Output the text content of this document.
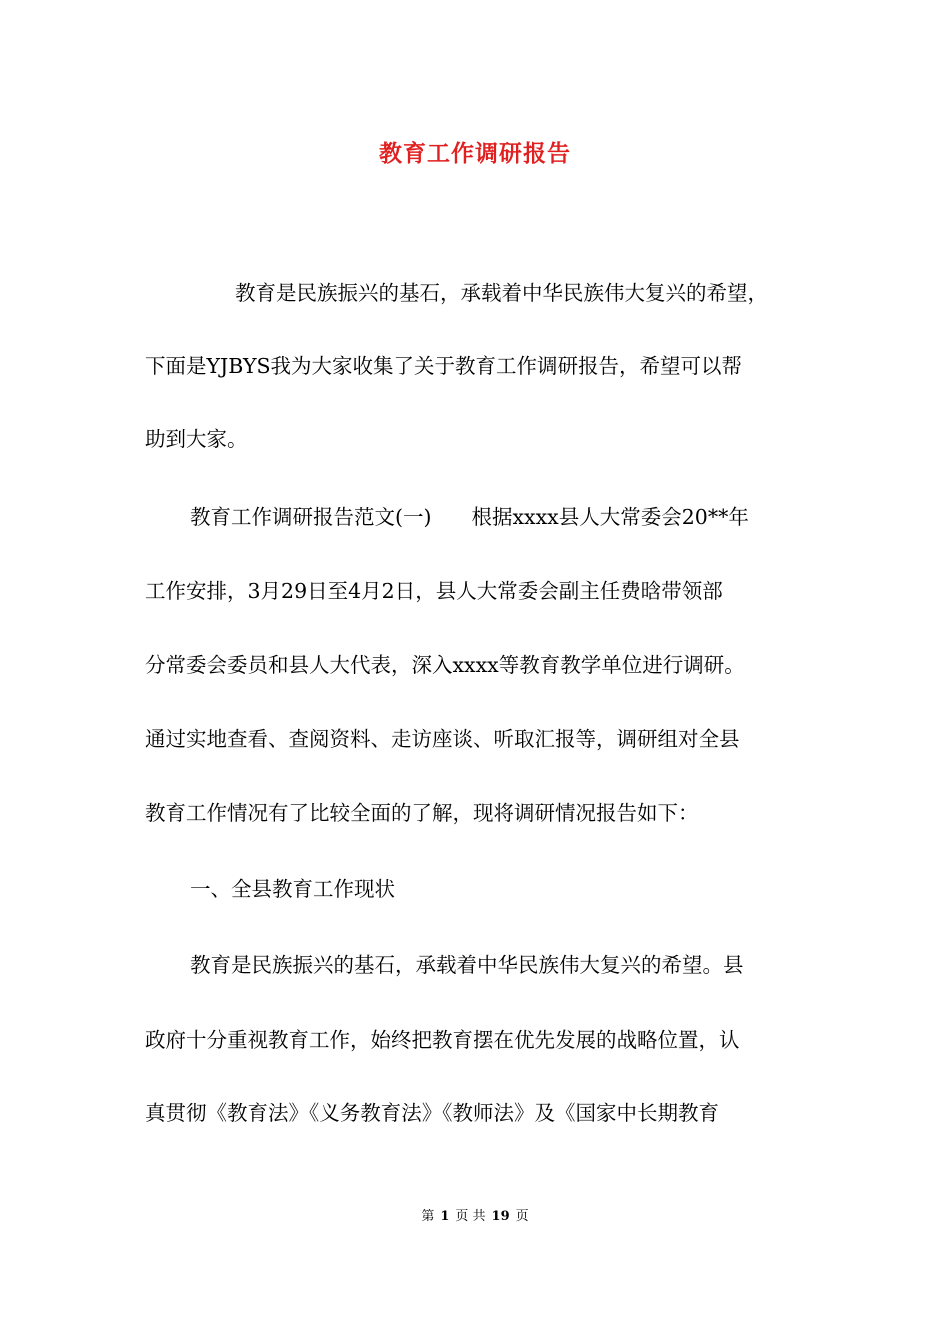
教育工作调研报告
教育是民族振兴的基石，承载着中华民族伟大复兴的希望，
下面是YJBYS我为大家收集了关于教育工作调研报告，希望可以帮
助到大家。
教育工作调研报告范文(一) 根据xxxx县人大常委会20**年
工作安排，3月29日至4月2日，县人大常委会副主任费晗带领部
分常委会委员和县人大代表，深入xxxx等教育教学单位进行调研。
通过实地查看、查阅资料、走访座谈、听取汇报等，调研组对全县
教育工作情况有了比较全面的了解，现将调研情况报告如下：
一、全县教育工作现状
教育是民族振兴的基石，承载着中华民族伟大复兴的希望。县
政府十分重视教育工作，始终把教育摆在优先发展的战略位置，认
真贯彻《教育法》《义务教育法》《教师法》及《国家中长期教育
第 1 页 共 19 页
